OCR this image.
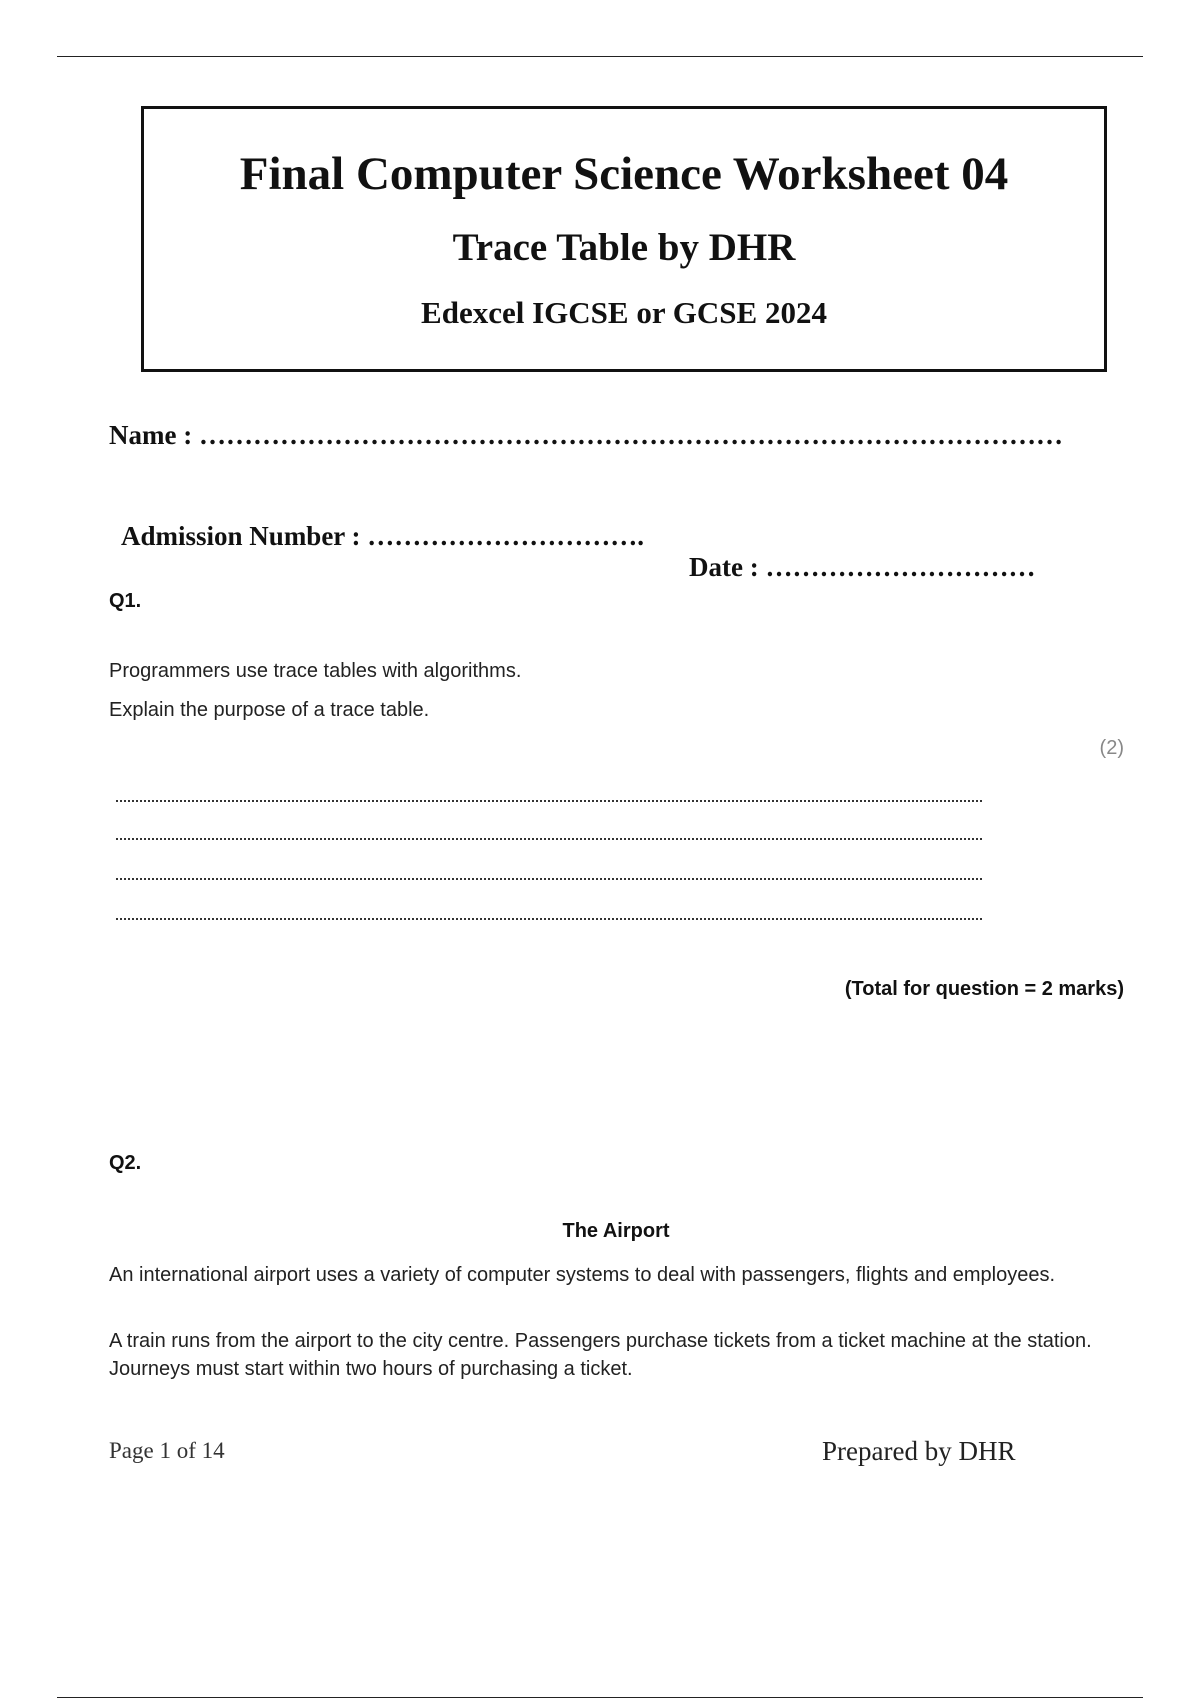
Final Computer Science Worksheet 04
Trace Table by DHR
Edexcel IGCSE or GCSE 2024
Name : ……………………………………………………………………………………

Admission Number : ………………………….

Date : …………………………

Q1.
Programmers use trace tables with algorithms.
Explain the purpose of a trace table.
(2)
(Total for question = 2 marks)
Q2.
The Airport
An international airport uses a variety of computer systems to deal with passengers, flights and employees.
A train runs from the airport to the city centre. Passengers purchase tickets from a ticket machine at the station. Journeys must start within two hours of purchasing a ticket.
Page 1 of 14	Prepared by DHR
